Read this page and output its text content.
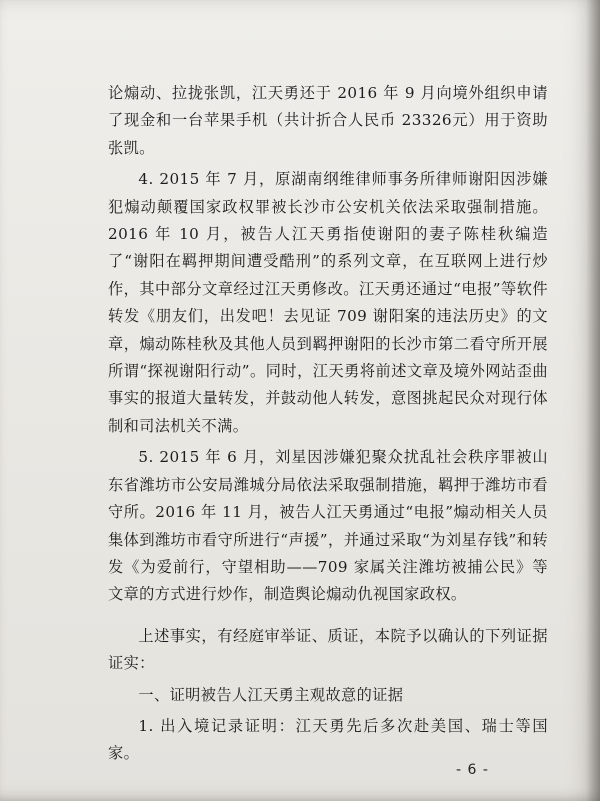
论煽动、拉拢张凯，江天勇还于 2016 年 9 月向境外组织申请了现金和一台苹果手机（共计折合人民币 23326元）用于资助张凯。

4. 2015 年 7 月，原湖南纲维律师事务所律师谢阳因涉嫌犯煽动颠覆国家政权罪被长沙市公安机关依法采取强制措施。2016 年 10 月，被告人江天勇指使谢阳的妻子陈桂秋编造了“谢阳在羁押期间遭受酷刑”的系列文章，在互联网上进行炒作，其中部分文章经过江天勇修改。江天勇还通过“电报”等软件转发《朋友们，出发吧！去见证 709 谢阳案的违法历史》的文章，煽动陈桂秋及其他人员到羁押谢阳的长沙市第二看守所开展所谓“探视谢阳行动”。同时，江天勇将前述文章及境外网站歪曲事实的报道大量转发，并鼓动他人转发，意图挑起民众对现行体制和司法机关不满。

5. 2015 年 6 月，刘星因涉嫌犯聚众扰乱社会秩序罪被山东省潍坊市公安局潍城分局依法采取强制措施，羁押于潍坊市看守所。2016 年 11 月，被告人江天勇通过“电报”煽动相关人员集体到潍坊市看守所进行“声援”，并通过采取“为刘星存钱”和转发《为爱前行，守望相助——709 家属关注潍坊被捕公民》等文章的方式进行炒作，制造舆论煽动仇视国家政权。

上述事实，有经庭审举证、质证，本院予以确认的下列证据证实：

一、证明被告人江天勇主观故意的证据

1. 出入境记录证明：江天勇先后多次赴美国、瑞士等国家。

- 6 -
